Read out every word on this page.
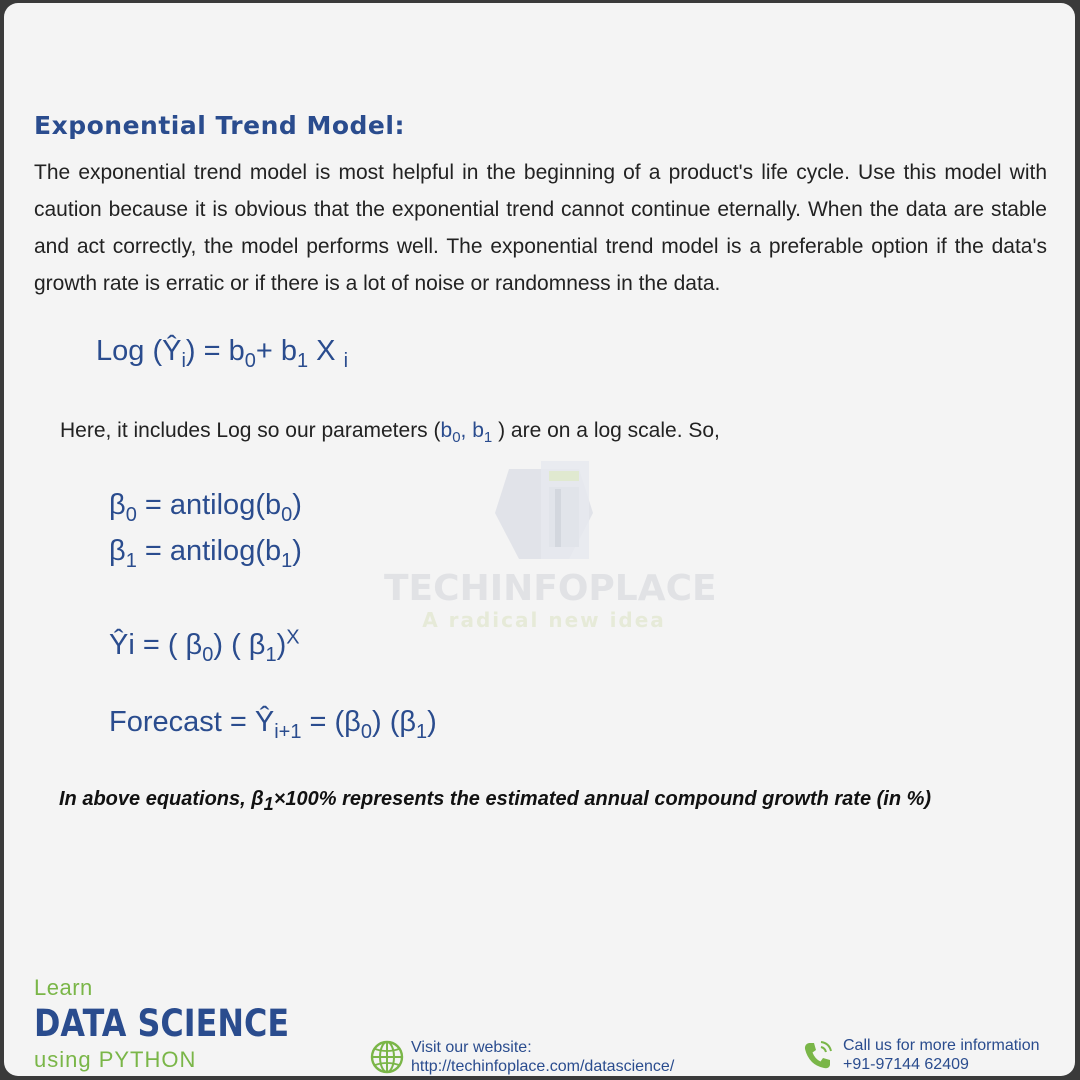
TECHINFOPLACE
A radical new idea
Exponential Trend Model:

The exponential trend model is most helpful in the beginning of a product's life cycle. Use this model with caution because it is obvious that the exponential trend cannot continue eternally. When the data are stable and act correctly, the model performs well. The exponential trend model is a preferable option if the data's growth rate is erratic or if there is a lot of noise or randomness in the data.

Log $(Ŷ_i) = b_0+ b_1$ X $_i$
Here, it includes Log so our parameters ($b_0$, $b_1$ ) are on a log scale. So,
$\beta_0$ = $antilog(b_0)$
$\beta_1$ = $antilog(b_1)$
Ŷi = ( $\beta_0$) ( $\beta_1)^X$
Forecast = $Ŷ_{i+1} = (\beta_0)$ $(\beta_1)$
In above equations, $\beta_1\times 100\%$ represents the estimated annual compound growth rate (in %)
Learn
DATA SCIENCE
using PYTHON	Visit our website:
http://techinfoplace.com/datascience/
Call us for more information
+91-97144 62409
